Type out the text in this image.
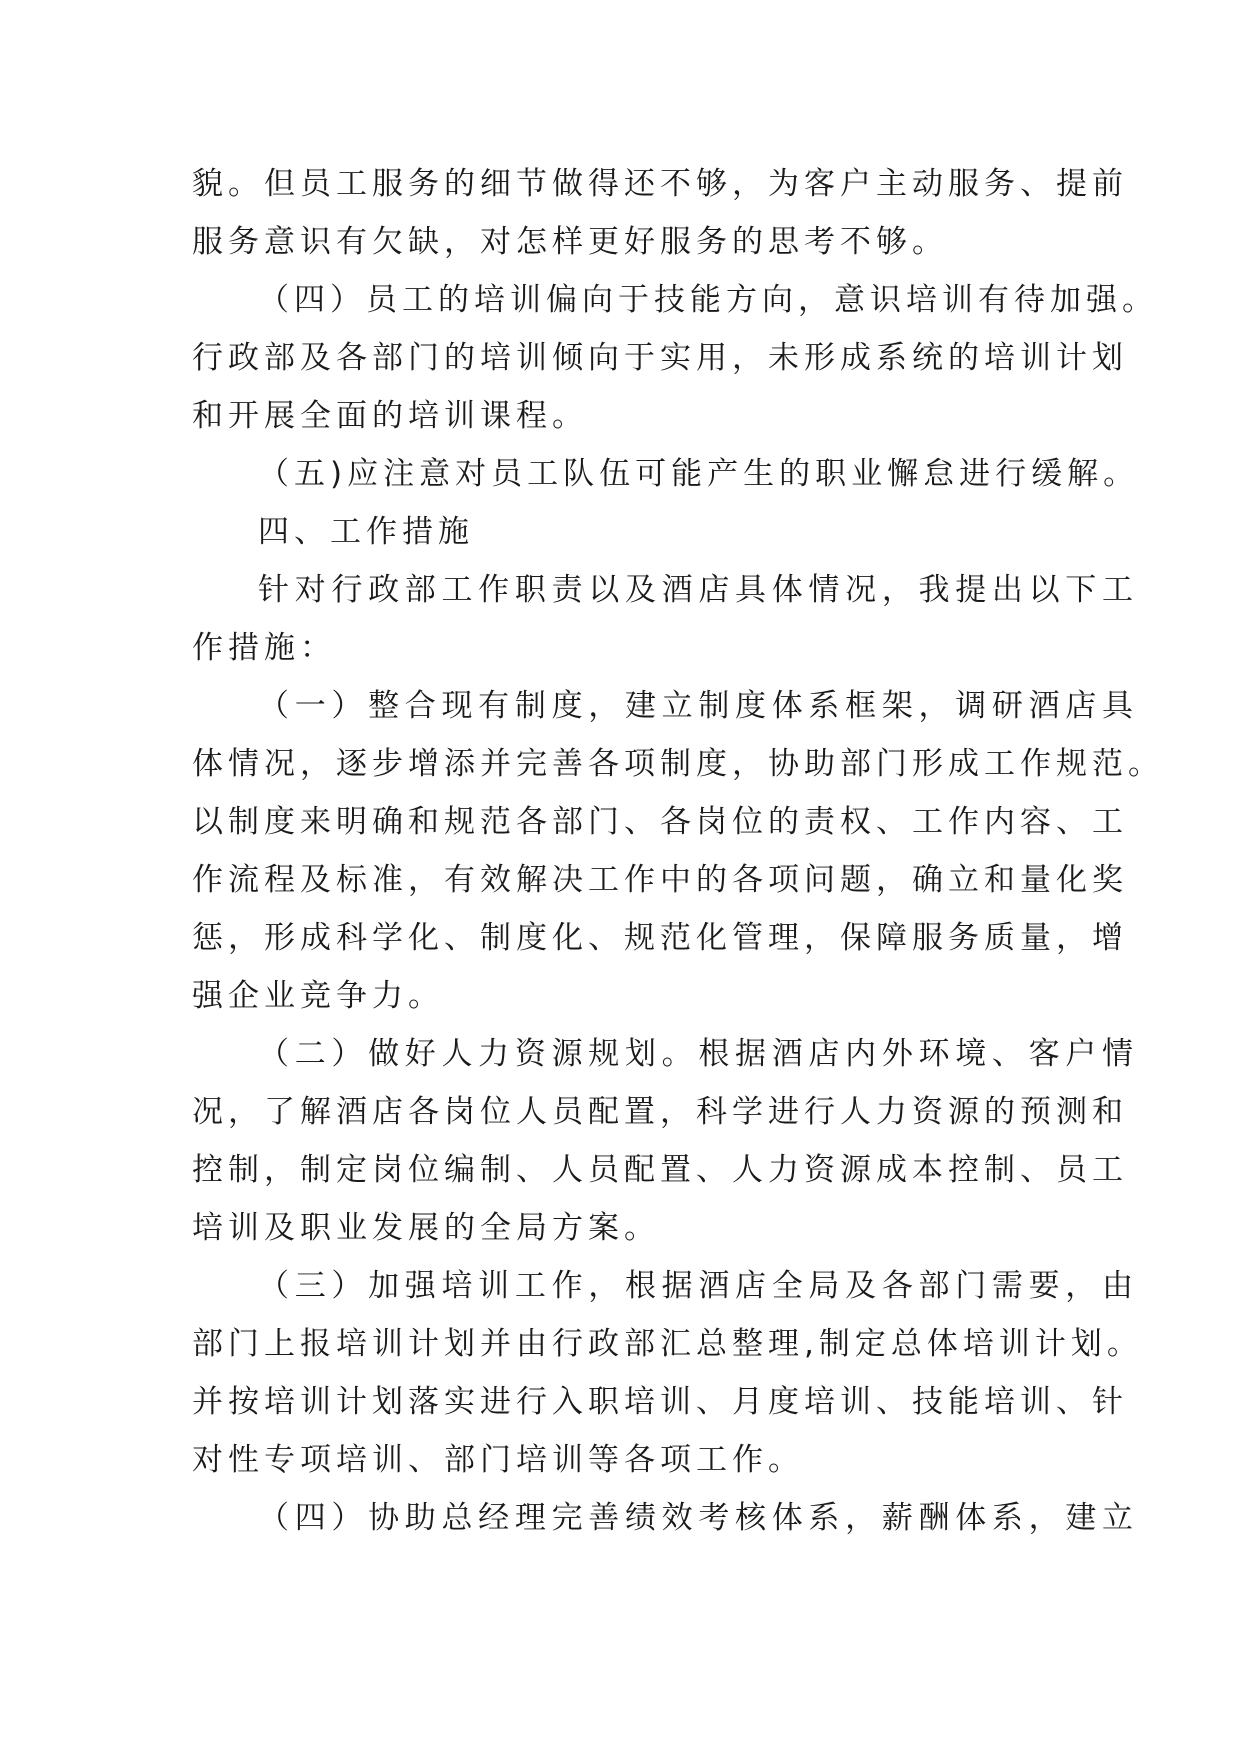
貌。但员工服务的细节做得还不够，为客户主动服务、提前
服务意识有欠缺，对怎样更好服务的思考不够。
（四）员工的培训偏向于技能方向，意识培训有待加强。
行政部及各部门的培训倾向于实用，未形成系统的培训计划
和开展全面的培训课程。
（五)应注意对员工队伍可能产生的职业懈怠进行缓解。
四、工作措施
针对行政部工作职责以及酒店具体情况，我提出以下工
作措施：
（一）整合现有制度，建立制度体系框架，调研酒店具
体情况，逐步增添并完善各项制度，协助部门形成工作规范。
以制度来明确和规范各部门、各岗位的责权、工作内容、工
作流程及标准，有效解决工作中的各项问题，确立和量化奖
惩，形成科学化、制度化、规范化管理，保障服务质量，增
强企业竞争力。
（二）做好人力资源规划。根据酒店内外环境、客户情
况，了解酒店各岗位人员配置，科学进行人力资源的预测和
控制，制定岗位编制、人员配置、人力资源成本控制、员工
培训及职业发展的全局方案。
（三）加强培训工作，根据酒店全局及各部门需要，由
部门上报培训计划并由行政部汇总整理,制定总体培训计划。
并按培训计划落实进行入职培训、月度培训、技能培训、针
对性专项培训、部门培训等各项工作。
（四）协助总经理完善绩效考核体系，薪酬体系，建立
